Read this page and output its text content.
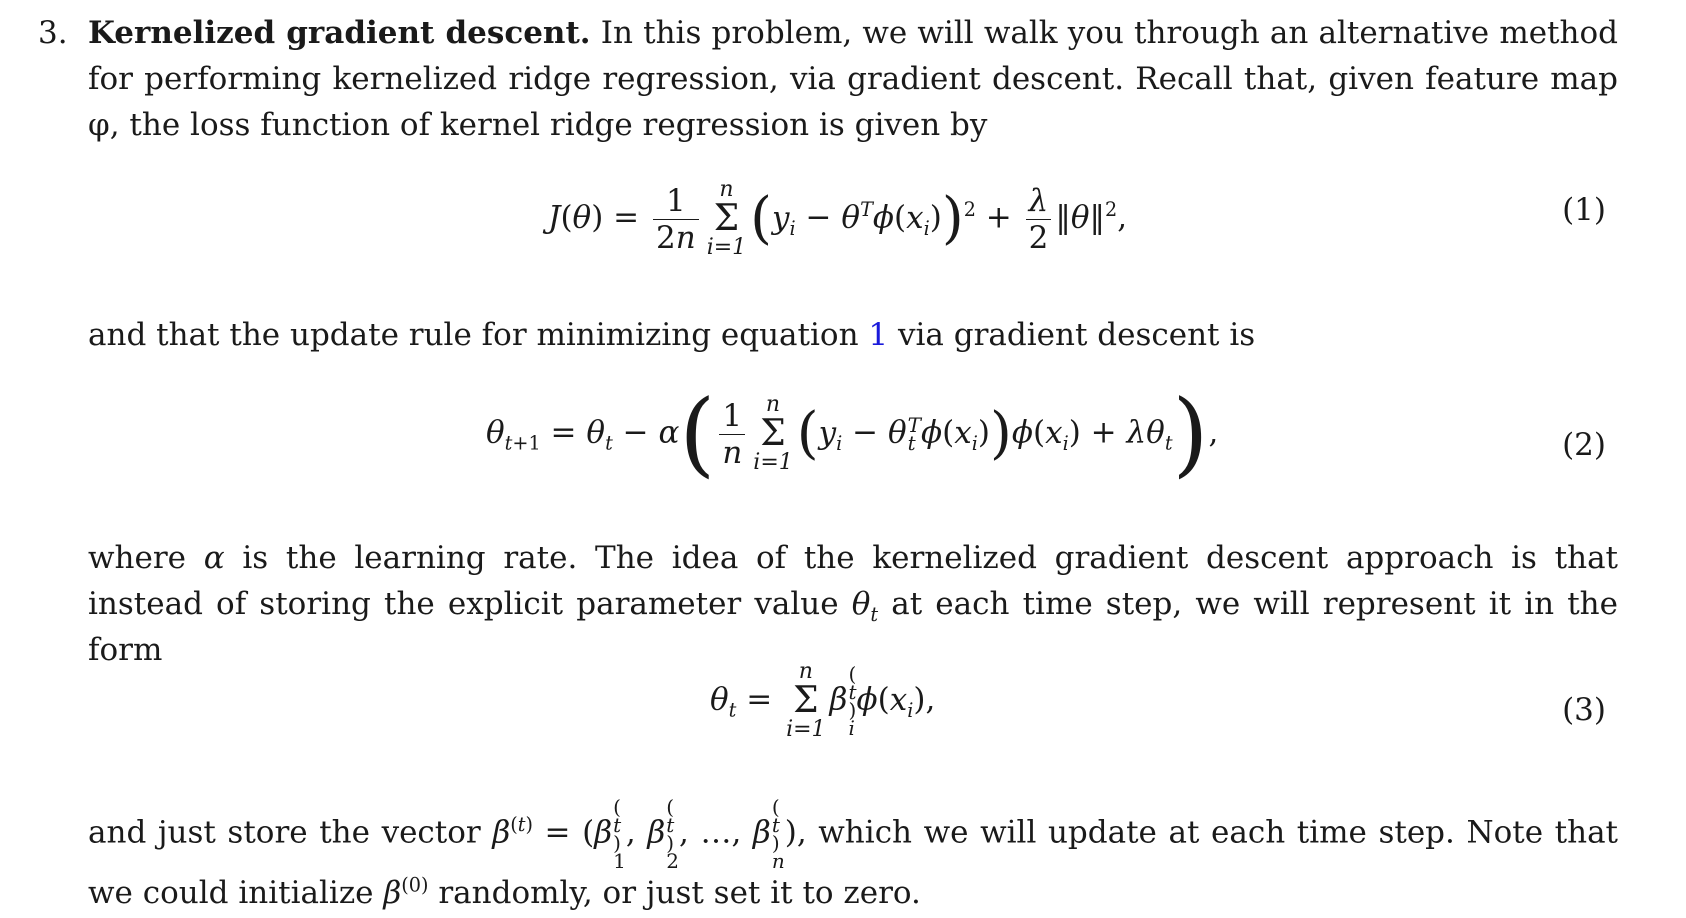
3. Kernelized gradient descent. In this problem, we will walk you through an alternative method for performing kernelized ridge regression, via gradient descent. Recall that, given feature map φ, the loss function of kernel ridge regression is given by
$J(\theta) = \frac{1}{2n}$ n
Σ
i=1 $(y_i - \theta^T\phi(x_i))^2 + \frac{\lambda}{2}$ ‖θ‖$^2$,	(1)
and that the update rule for minimizing equation 1 via gradient descent is
$\theta_{t+1} = \theta_t - \alpha( \frac{1}{n}$ n
Σ
i=1 ($y_i - \theta$ T
t $\phi(x_i))\phi(x_i) + \lambda\theta_t$),	(2)
where α is the learning rate. The idea of the kernelized gradient descent approach is that instead of storing the explicit parameter value $\theta_t$ at each time step, we will represent it in the form
$\theta_t$ =
n
Σ
i=1
β
(
t
)
i
$\phi(x_i)$,	(3)
and just store the vector $\beta^{(t)} = (\beta$
(
t
)
1
, β
(
t
)
2
, …, β
(
t
)
n
), which we will update at each time step. Note that we could initialize $\beta^{(0)}$ randomly, or just set it to zero.
